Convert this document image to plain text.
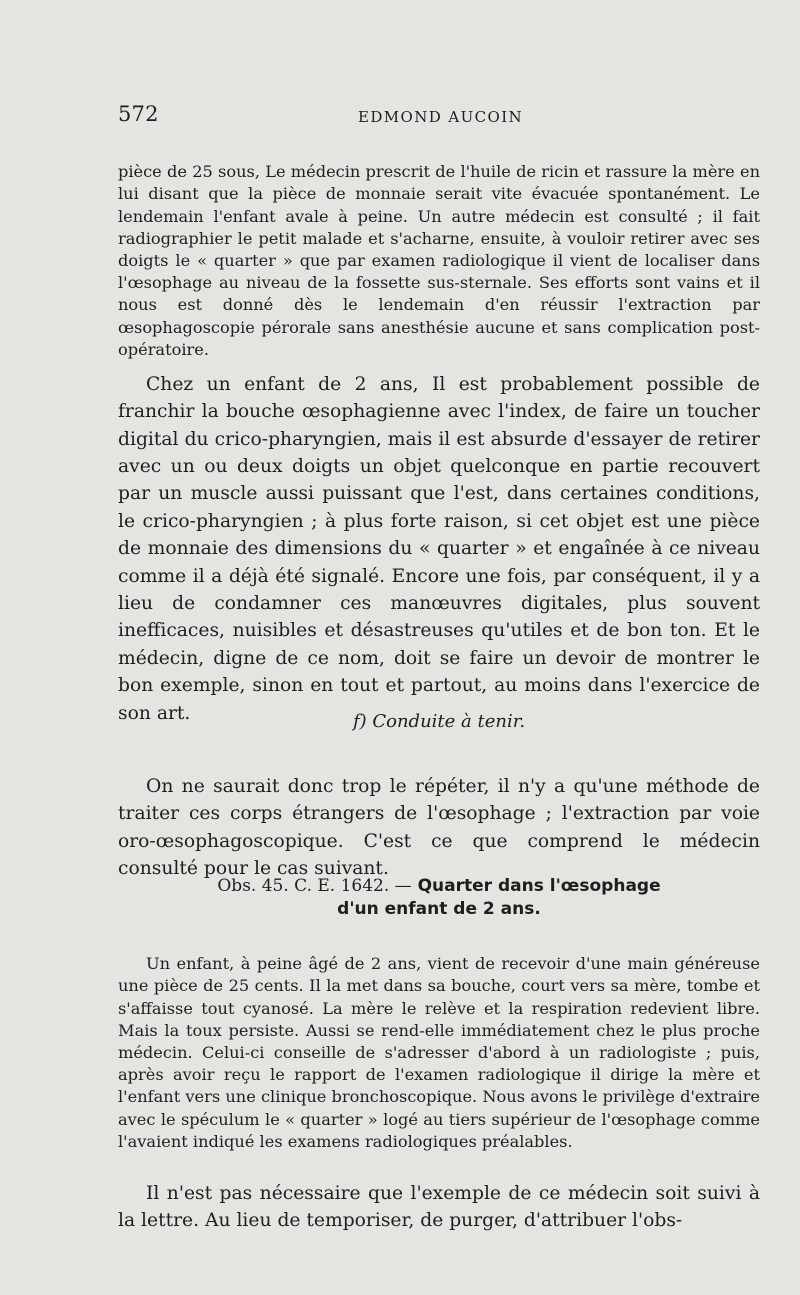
572	EDMOND AUCOIN

pièce de 25 sous, Le médecin prescrit de l'huile de ricin et rassure la mère en lui disant que la pièce de monnaie serait vite évacuée spontanément. Le lendemain l'enfant avale à peine. Un autre médecin est consulté ; il fait radiographier le petit malade et s'acharne, ensuite, à vouloir retirer avec ses doigts le « quarter » que par examen radiologique il vient de localiser dans l'œsophage au niveau de la fossette sus-sternale. Ses efforts sont vains et il nous est donné dès le lendemain d'en réussir l'extraction par œsophagoscopie pérorale sans anesthésie aucune et sans complication post-opératoire.

Chez un enfant de 2 ans, Il est probablement possible de franchir la bouche œsophagienne avec l'index, de faire un toucher digital du crico-pharyngien, mais il est absurde d'essayer de retirer avec un ou deux doigts un objet quelconque en partie recouvert par un muscle aussi puissant que l'est, dans certaines conditions, le crico-pharyngien ; à plus forte raison, si cet objet est une pièce de monnaie des dimensions du « quarter » et engaînée à ce niveau comme il a déjà été signalé. Encore une fois, par conséquent, il y a lieu de condamner ces manœuvres digitales, plus souvent inefficaces, nuisibles et désastreuses qu'utiles et de bon ton. Et le médecin, digne de ce nom, doit se faire un devoir de montrer le bon exemple, sinon en tout et partout, au moins dans l'exercice de son art.	f) Conduite à tenir.

On ne saurait donc trop le répéter, il n'y a qu'une méthode de traiter ces corps étrangers de l'œsophage ; l'extraction par voie oro-œsophagoscopique. C'est ce que comprend le médecin consulté pour le cas suivant.

Obs. 45. C. E. 1642. — Quarter dans l'œsophage
d'un enfant de 2 ans.

Un enfant, à peine âgé de 2 ans, vient de recevoir d'une main généreuse une pièce de 25 cents. Il la met dans sa bouche, court vers sa mère, tombe et s'affaisse tout cyanosé. La mère le relève et la respiration redevient libre. Mais la toux persiste. Aussi se rend-elle immédiatement chez le plus proche médecin. Celui-ci conseille de s'adresser d'abord à un radiologiste ; puis, après avoir reçu le rapport de l'examen radiologique il dirige la mère et l'enfant vers une clinique bronchoscopique. Nous avons le privilège d'extraire avec le spéculum le « quarter » logé au tiers supérieur de l'œsophage comme l'avaient indiqué les examens radiologiques préalables.

Il n'est pas nécessaire que l'exemple de ce médecin soit suivi à la lettre. Au lieu de temporiser, de purger, d'attribuer l'obs-
